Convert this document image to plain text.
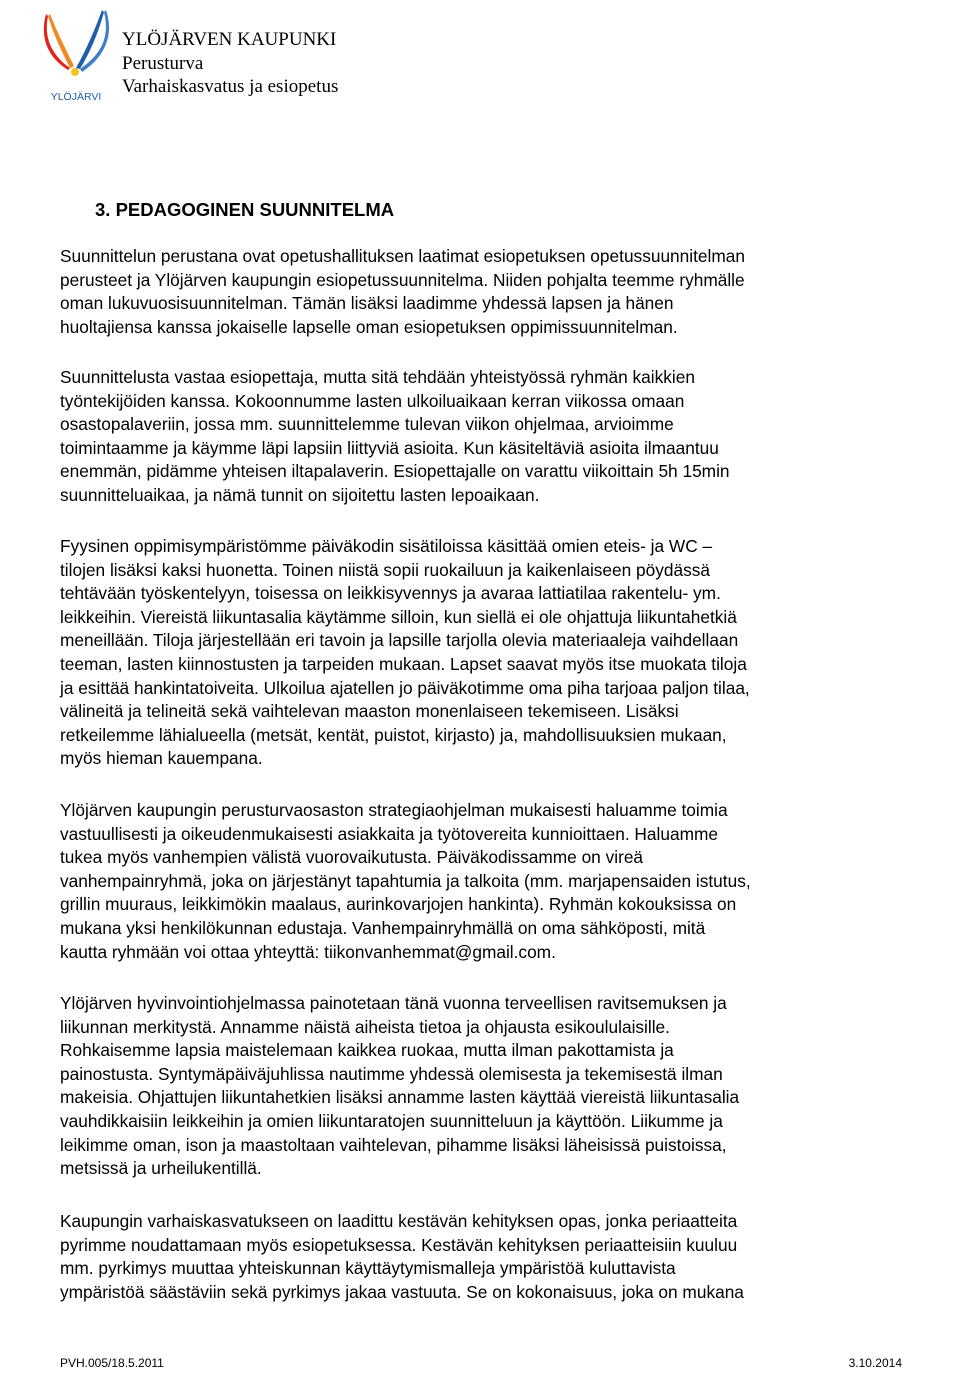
YLÖJÄRVI
YLÖJÄRVEN KAUPUNKI
Perusturva
Varhaiskasvatus ja esiopetus
3. PEDAGOGINEN SUUNNITELMA

Suunnittelun perustana ovat opetushallituksen laatimat esiopetuksen opetussuunnitelman
perusteet ja Ylöjärven kaupungin esiopetussuunnitelma. Niiden pohjalta teemme ryhmälle
oman lukuvuosisuunnitelman. Tämän lisäksi laadimme yhdessä lapsen ja hänen
huoltajiensa kanssa jokaiselle lapselle oman esiopetuksen oppimissuunnitelman.

Suunnittelusta vastaa esiopettaja, mutta sitä tehdään yhteistyössä ryhmän kaikkien
työntekijöiden kanssa. Kokoonnumme lasten ulkoiluaikaan kerran viikossa omaan
osastopalaveriin, jossa mm. suunnittelemme tulevan viikon ohjelmaa, arvioimme
toimintaamme ja käymme läpi lapsiin liittyviä asioita. Kun käsiteltäviä asioita ilmaantuu
enemmän, pidämme yhteisen iltapalaverin. Esiopettajalle on varattu viikoittain 5h 15min
suunnitteluaikaa, ja nämä tunnit on sijoitettu lasten lepoaikaan.

Fyysinen oppimisympäristömme päiväkodin sisätiloissa käsittää omien eteis- ja WC –
tilojen lisäksi kaksi huonetta. Toinen niistä sopii ruokailuun ja kaikenlaiseen pöydässä
tehtävään työskentelyyn, toisessa on leikkisyvennys ja avaraa lattiatilaa rakentelu- ym.
leikkeihin. Viereistä liikuntasalia käytämme silloin, kun siellä ei ole ohjattuja liikuntahetkiä
meneillään. Tiloja järjestellään eri tavoin ja lapsille tarjolla olevia materiaaleja vaihdellaan
teeman, lasten kiinnostusten ja tarpeiden mukaan. Lapset saavat myös itse muokata tiloja
ja esittää hankintatoiveita. Ulkoilua ajatellen jo päiväkotimme oma piha tarjoaa paljon tilaa,
välineitä ja telineitä sekä vaihtelevan maaston monenlaiseen tekemiseen. Lisäksi
retkeilemme lähialueella (metsät, kentät, puistot, kirjasto) ja, mahdollisuuksien mukaan,
myös hieman kauempana.

Ylöjärven kaupungin perusturvaosaston strategiaohjelman mukaisesti haluamme toimia
vastuullisesti ja oikeudenmukaisesti asiakkaita ja työtovereita kunnioittaen. Haluamme
tukea myös vanhempien välistä vuorovaikutusta. Päiväkodissamme on vireä
vanhempainryhmä, joka on järjestänyt tapahtumia ja talkoita (mm. marjapensaiden istutus,
grillin muuraus, leikkimökin maalaus, aurinkovarjojen hankinta). Ryhmän kokouksissa on
mukana yksi henkilökunnan edustaja. Vanhempainryhmällä on oma sähköposti, mitä
kautta ryhmään voi ottaa yhteyttä: tiikonvanhemmat@gmail.com.

Ylöjärven hyvinvointiohjelmassa painotetaan tänä vuonna terveellisen ravitsemuksen ja
liikunnan merkitystä. Annamme näistä aiheista tietoa ja ohjausta esikoululaisille.
Rohkaisemme lapsia maistelemaan kaikkea ruokaa, mutta ilman pakottamista ja
painostusta. Syntymäpäiväjuhlissa nautimme yhdessä olemisesta ja tekemisestä ilman
makeisia. Ohjattujen liikuntahetkien lisäksi annamme lasten käyttää viereistä liikuntasalia
vauhdikkaisiin leikkeihin ja omien liikuntaratojen suunnitteluun ja käyttöön. Liikumme ja
leikimme oman, ison ja maastoltaan vaihtelevan, pihamme lisäksi läheisissä puistoissa,
metsissä ja urheilukentillä.

Kaupungin varhaiskasvatukseen on laadittu kestävän kehityksen opas, jonka periaatteita
pyrimme noudattamaan myös esiopetuksessa. Kestävän kehityksen periaatteisiin kuuluu
mm. pyrkimys muuttaa yhteiskunnan käyttäytymismalleja ympäristöä kuluttavista
ympäristöä säästäviin sekä pyrkimys jakaa vastuuta. Se on kokonaisuus, joka on mukana

PVH.005/18.5.2011	3.10.2014
